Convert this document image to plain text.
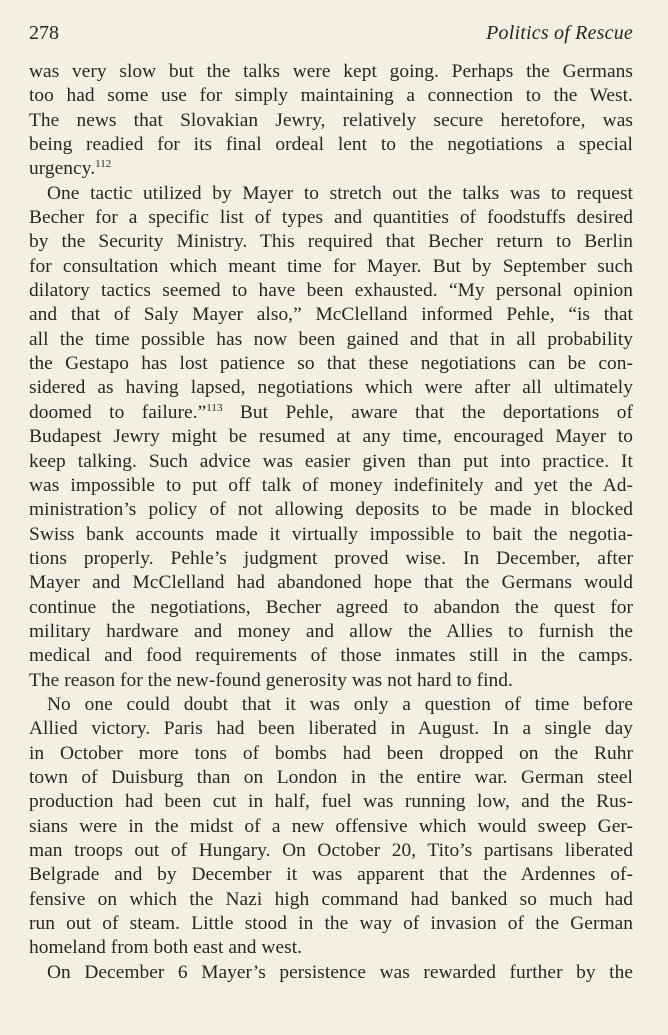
278	Politics of Rescue
was very slow but the talks were kept going. Perhaps the Germans
too had some use for simply maintaining a connection to the West.
The news that Slovakian Jewry, relatively secure heretofore, was
being readied for its final ordeal lent to the negotiations a special
urgency.$^{112}$
One tactic utilized by Mayer to stretch out the talks was to request
Becher for a specific list of types and quantities of foodstuffs desired
by the Security Ministry. This required that Becher return to Berlin
for consultation which meant time for Mayer. But by September such
dilatory tactics seemed to have been exhausted. “My personal opinion
and that of Saly Mayer also,” McClelland informed Pehle, “is that
all the time possible has now been gained and that in all probability
the Gestapo has lost patience so that these negotiations can be con-
sidered as having lapsed, negotiations which were after all ultimately
doomed to failure.”$^{113}$ But Pehle, aware that the deportations of
Budapest Jewry might be resumed at any time, encouraged Mayer to
keep talking. Such advice was easier given than put into practice. It
was impossible to put off talk of money indefinitely and yet the Ad-
ministration’s policy of not allowing deposits to be made in blocked
Swiss bank accounts made it virtually impossible to bait the negotia-
tions properly. Pehle’s judgment proved wise. In December, after
Mayer and McClelland had abandoned hope that the Germans would
continue the negotiations, Becher agreed to abandon the quest for
military hardware and money and allow the Allies to furnish the
medical and food requirements of those inmates still in the camps.
The reason for the new-found generosity was not hard to find.
No one could doubt that it was only a question of time before
Allied victory. Paris had been liberated in August. In a single day
in October more tons of bombs had been dropped on the Ruhr
town of Duisburg than on London in the entire war. German steel
production had been cut in half, fuel was running low, and the Rus-
sians were in the midst of a new offensive which would sweep Ger-
man troops out of Hungary. On October 20, Tito’s partisans liberated
Belgrade and by December it was apparent that the Ardennes of-
fensive on which the Nazi high command had banked so much had
run out of steam. Little stood in the way of invasion of the German
homeland from both east and west.
On December 6 Mayer’s persistence was rewarded further by the
